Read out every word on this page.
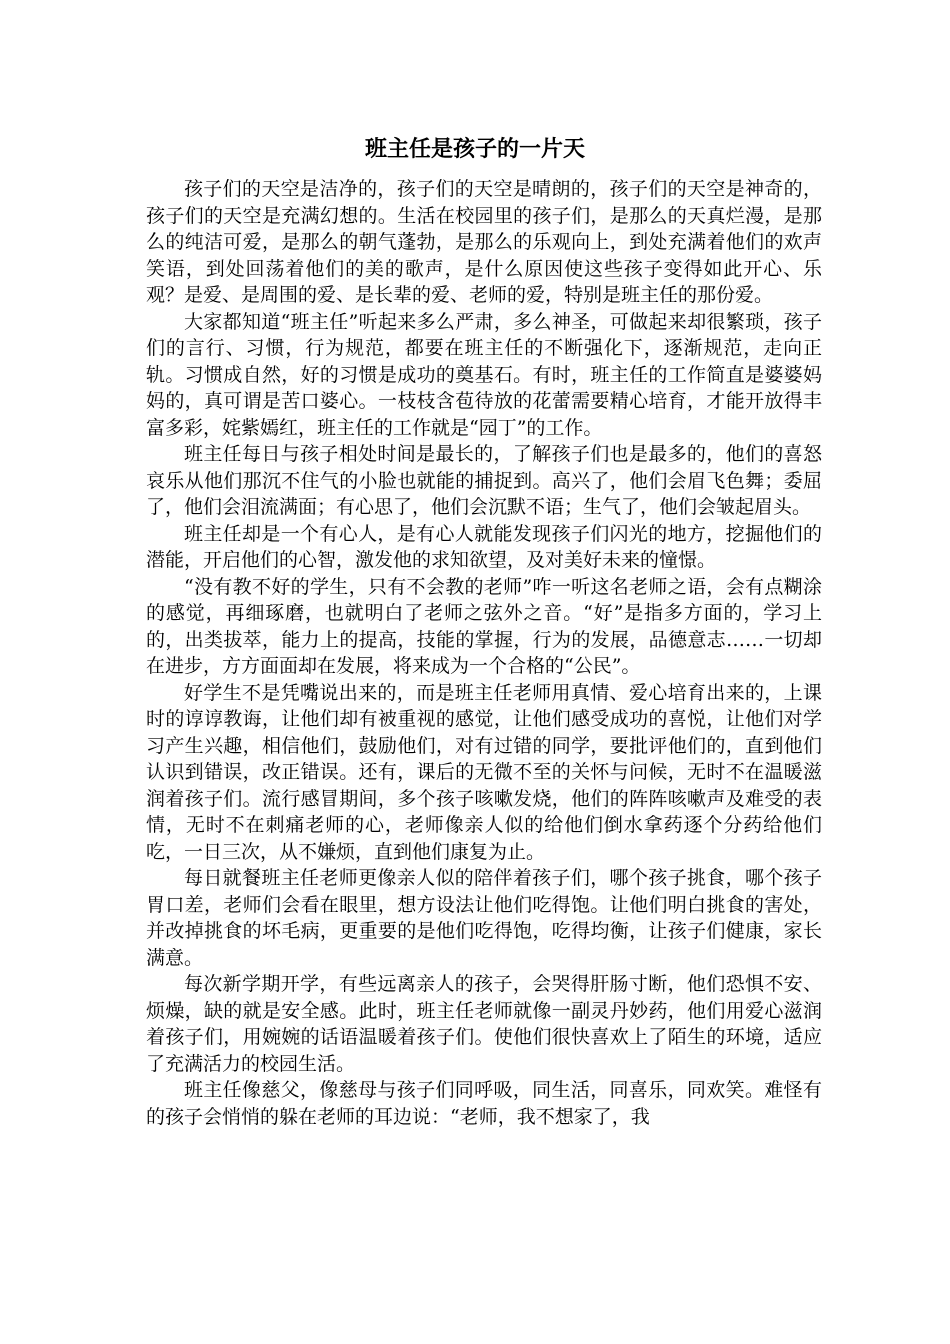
班主任是孩子的一片天

孩子们的天空是洁净的，孩子们的天空是晴朗的，孩子们的天空是神奇的，孩子们的天空是充满幻想的。生活在校园里的孩子们，是那么的天真烂漫，是那么的纯洁可爱，是那么的朝气蓬勃，是那么的乐观向上，到处充满着他们的欢声笑语，到处回荡着他们的美的歌声，是什么原因使这些孩子变得如此开心、乐观？是爱、是周围的爱、是长辈的爱、老师的爱，特别是班主任的那份爱。

大家都知道“班主任”听起来多么严肃，多么神圣，可做起来却很繁琐，孩子们的言行、习惯，行为规范，都要在班主任的不断强化下，逐渐规范，走向正轨。习惯成自然，好的习惯是成功的奠基石。有时，班主任的工作简直是婆婆妈妈的，真可谓是苦口婆心。一枝枝含苞待放的花蕾需要精心培育，才能开放得丰富多彩，姹紫嫣红，班主任的工作就是“园丁”的工作。

班主任每日与孩子相处时间是最长的，了解孩子们也是最多的，他们的喜怒哀乐从他们那沉不住气的小脸也就能的捕捉到。高兴了，他们会眉飞色舞；委屈了，他们会泪流满面；有心思了，他们会沉默不语；生气了，他们会皱起眉头。

班主任却是一个有心人，是有心人就能发现孩子们闪光的地方，挖掘他们的潜能，开启他们的心智，激发他的求知欲望，及对美好未来的憧憬。

“没有教不好的学生，只有不会教的老师”咋一听这名老师之语，会有点糊涂的感觉，再细琢磨，也就明白了老师之弦外之音。“好”是指多方面的，学习上的，出类拔萃，能力上的提高，技能的掌握，行为的发展，品德意志……一切却在进步，方方面面却在发展，将来成为一个合格的“公民”。

好学生不是凭嘴说出来的，而是班主任老师用真情、爱心培育出来的，上课时的谆谆教诲，让他们却有被重视的感觉，让他们感受成功的喜悦，让他们对学习产生兴趣，相信他们，鼓励他们，对有过错的同学，要批评他们的，直到他们认识到错误，改正错误。还有，课后的无微不至的关怀与问候，无时不在温暖滋润着孩子们。流行感冒期间，多个孩子咳嗽发烧，他们的阵阵咳嗽声及难受的表情，无时不在刺痛老师的心，老师像亲人似的给他们倒水拿药逐个分药给他们吃，一日三次，从不嫌烦，直到他们康复为止。

每日就餐班主任老师更像亲人似的陪伴着孩子们，哪个孩子挑食，哪个孩子胃口差，老师们会看在眼里，想方设法让他们吃得饱。让他们明白挑食的害处，并改掉挑食的坏毛病，更重要的是他们吃得饱，吃得均衡，让孩子们健康，家长满意。

每次新学期开学，有些远离亲人的孩子，会哭得肝肠寸断，他们恐惧不安、烦燥，缺的就是安全感。此时，班主任老师就像一副灵丹妙药，他们用爱心滋润着孩子们，用婉婉的话语温暖着孩子们。使他们很快喜欢上了陌生的环境，适应了充满活力的校园生活。

班主任像慈父，像慈母与孩子们同呼吸，同生活，同喜乐，同欢笑。难怪有的孩子会悄悄的躲在老师的耳边说：“老师，我不想家了，我
